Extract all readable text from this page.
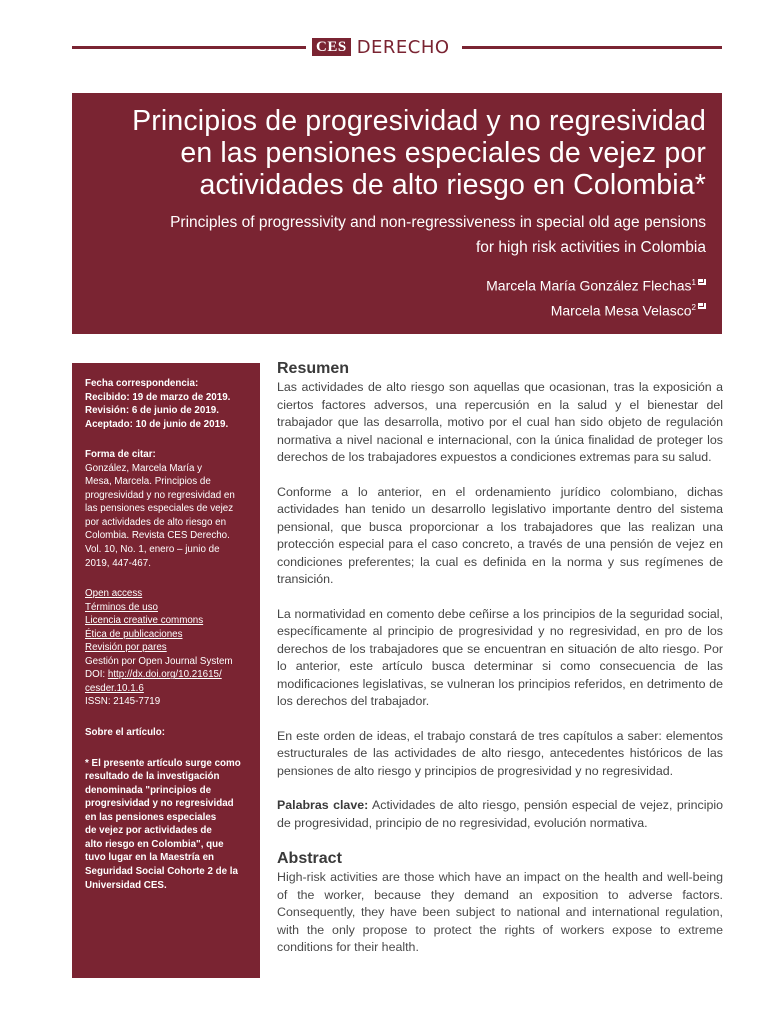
CES DERECHO
Principios de progresividad y no regresividad
en las pensiones especiales de vejez por
actividades de alto riesgo en Colombia*
Principles of progressivity and non-regressiveness in special old age pensions for high risk activities in Colombia
Marcela María González Flechas$^1$
Marcela Mesa Velasco$^2$

Fecha correspondencia:

Recibido: 19 de marzo de 2019.

Revisión: 6 de junio de 2019.

Aceptado: 10 de junio de 2019.

Forma de citar:

González, Marcela María y

Mesa, Marcela. Principios de

progresividad y no regresividad en

las pensiones especiales de vejez

por actividades de alto riesgo en

Colombia. Revista CES Derecho.

Vol. 10, No. 1, enero – junio de

2019, 447-467.

Open access
Términos de uso
Licencia creative commons
Ética de publicaciones
Revisión por pares
Gestión por Open Journal System

DOI: http://dx.doi.org/10.21615/

cesder.10.1.6

ISSN: 2145-7719

Sobre el artículo:

* El presente artículo surge como

resultado de la investigación

denominada "principios de

progresividad y no regresividad

en las pensiones especiales

de vejez por actividades de

alto riesgo en Colombia", que

tuvo lugar en la Maestría en

Seguridad Social Cohorte 2 de la

Universidad CES.

Resumen

Las actividades de alto riesgo son aquellas que ocasionan, tras la exposición a ciertos factores adversos, una repercusión en la salud y el bienestar del trabajador que las desarrolla, motivo por el cual han sido objeto de regulación normativa a nivel nacional e internacional, con la única finalidad de proteger los derechos de los trabajadores expuestos a condiciones extremas para su salud.

Conforme a lo anterior, en el ordenamiento jurídico colombiano, dichas actividades han tenido un desarrollo legislativo importante dentro del sistema pensional, que busca proporcionar a los trabajadores que las realizan una protección especial para el caso concreto, a través de una pensión de vejez en condiciones preferentes; la cual es definida en la norma y sus regímenes de transición.

La normatividad en comento debe ceñirse a los principios de la seguridad social, específicamente al principio de progresividad y no regresividad, en pro de los derechos de los trabajadores que se encuentran en situación de alto riesgo. Por lo anterior, este artículo busca determinar si como consecuencia de las modificaciones legislativas, se vulneran los principios referidos, en detrimento de los derechos del trabajador.

En este orden de ideas, el trabajo constará de tres capítulos a saber: elementos estructurales de las actividades de alto riesgo, antecedentes históricos de las pensiones de alto riesgo y principios de progresividad y no regresividad.

Palabras clave: Actividades de alto riesgo, pensión especial de vejez, principio de progresividad, principio de no regresividad, evolución normativa.

Abstract

High-risk activities are those which have an impact on the health and well-being of the worker, because they demand an exposition to adverse factors. Consequently, they have been subject to national and international regulation, with the only propose to protect the rights of workers expose to extreme conditions for their health.
